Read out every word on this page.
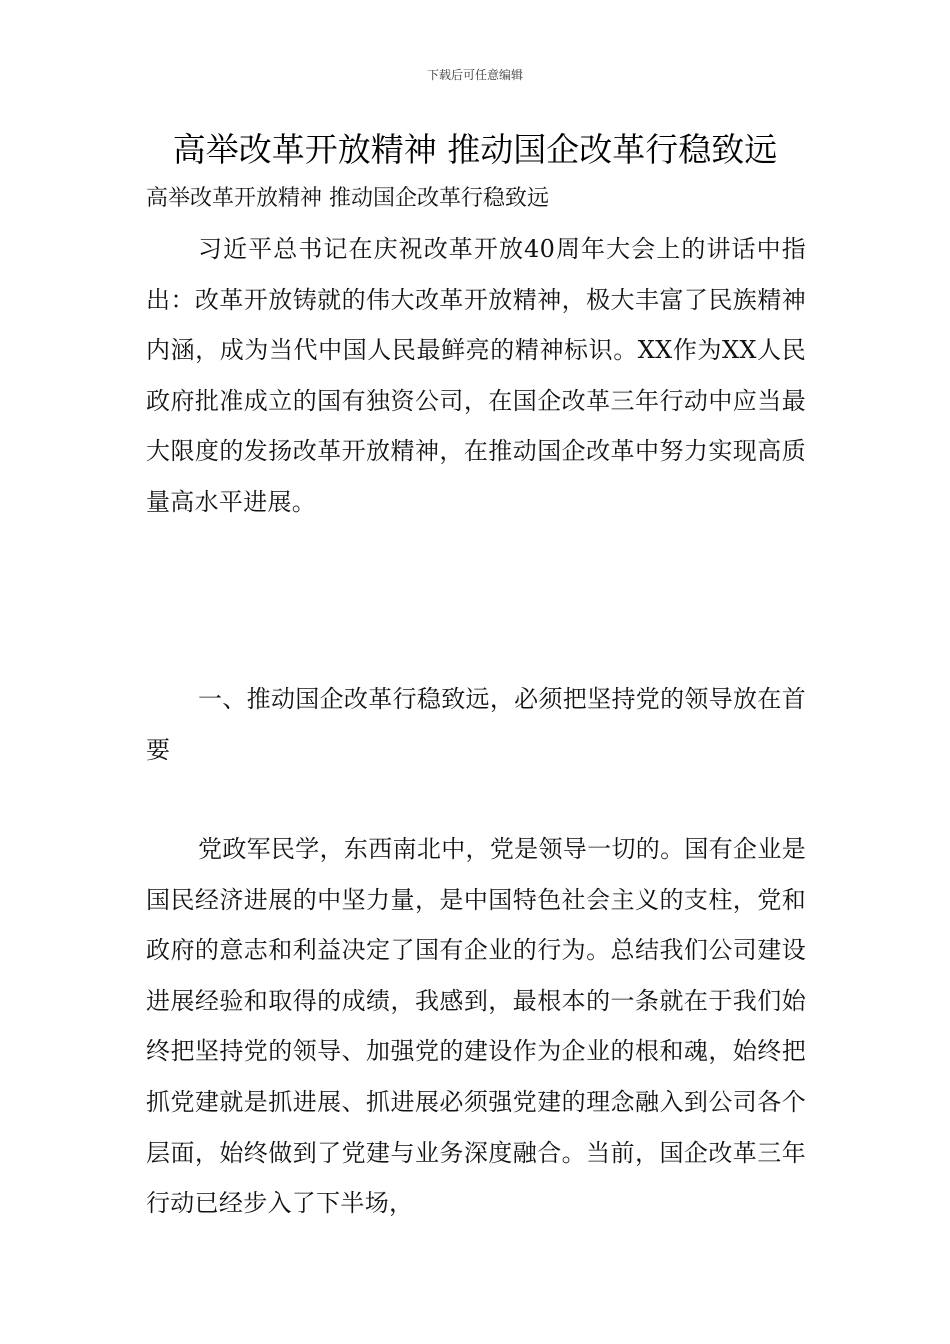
下载后可任意编辑
高举改革开放精神 推动国企改革行稳致远
高举改革开放精神 推动国企改革行稳致远

习近平总书记在庆祝改革开放40周年大会上的讲话中指出：改革开放铸就的伟大改革开放精神，极大丰富了民族精神内涵，成为当代中国人民最鲜亮的精神标识。XX作为XX人民政府批准成立的国有独资公司，在国企改革三年行动中应当最大限度的发扬改革开放精神，在推动国企改革中努力实现高质量高水平进展。

一、推动国企改革行稳致远，必须把坚持党的领导放在首要

党政军民学，东西南北中，党是领导一切的。国有企业是国民经济进展的中坚力量，是中国特色社会主义的支柱，党和政府的意志和利益决定了国有企业的行为。总结我们公司建设进展经验和取得的成绩，我感到，最根本的一条就在于我们始终把坚持党的领导、加强党的建设作为企业的根和魂，始终把抓党建就是抓进展、抓进展必须强党建的理念融入到公司各个层面，始终做到了党建与业务深度融合。当前，国企改革三年行动已经步入了下半场，
